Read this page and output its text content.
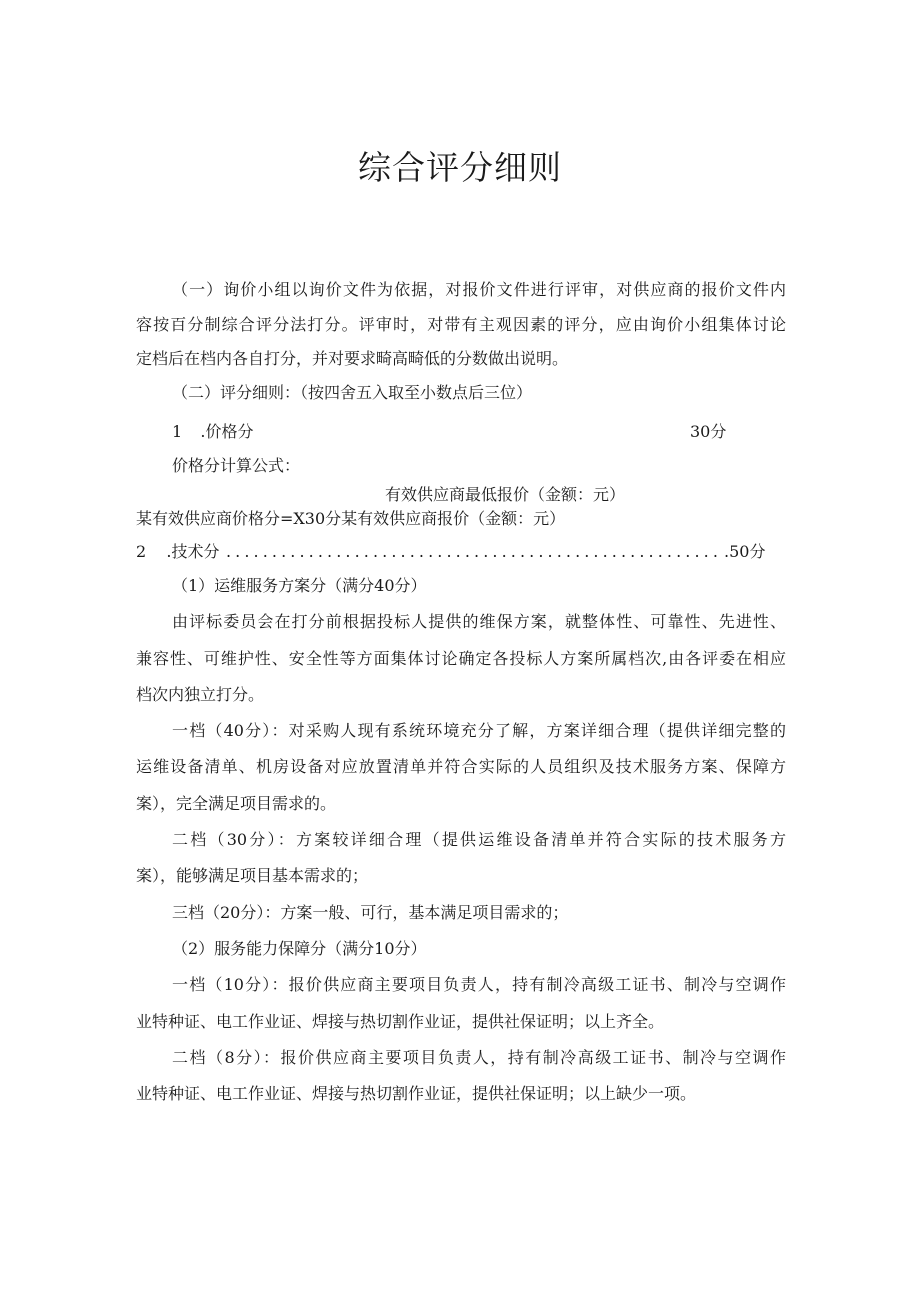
综合评分细则
（一）询价小组以询价文件为依据，对报价文件进行评审，对供应商的报价文件内
容按百分制综合评分法打分。评审时，对带有主观因素的评分，应由询价小组集体讨论
定档后在档内各自打分，并对要求畸高畸低的分数做出说明。
（二）评分细则：（按四舍五入取至小数点后三位）
1 .价格分	30分
价格分计算公式：
有效供应商最低报价（金额：元）
某有效供应商价格分=X30分某有效供应商报价（金额：元）
2 .技术分 ...................................................... .50分
（1）运维服务方案分（满分40分）
由评标委员会在打分前根据投标人提供的维保方案，就整体性、可靠性、先进性、
兼容性、可维护性、安全性等方面集体讨论确定各投标人方案所属档次,由各评委在相应
档次内独立打分。
一档（40分）：对采购人现有系统环境充分了解，方案详细合理（提供详细完整的
运维设备清单、机房设备对应放置清单并符合实际的人员组织及技术服务方案、保障方
案），完全满足项目需求的。
二档（30分）：方案较详细合理（提供运维设备清单并符合实际的技术服务方
案），能够满足项目基本需求的；
三档（20分）：方案一般、可行，基本满足项目需求的；
（2）服务能力保障分（满分10分）
一档（10分）：报价供应商主要项目负责人，持有制冷高级工证书、制冷与空调作
业特种证、电工作业证、焊接与热切割作业证，提供社保证明；以上齐全。
二档（8分）：报价供应商主要项目负责人，持有制冷高级工证书、制冷与空调作
业特种证、电工作业证、焊接与热切割作业证，提供社保证明；以上缺少一项。
